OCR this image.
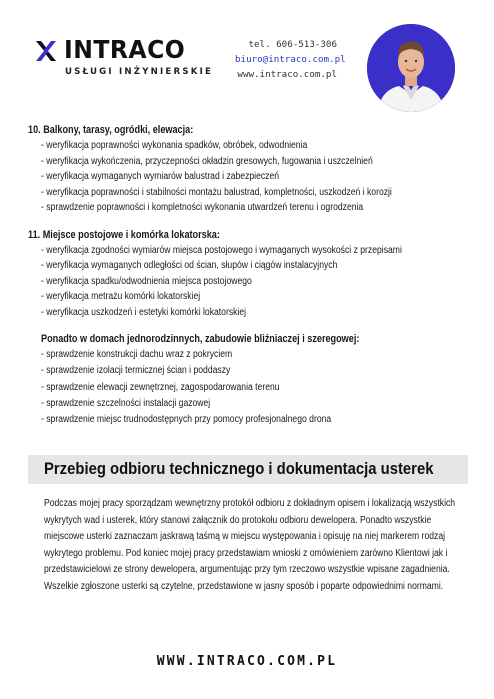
INTRACO
USŁUGI INŻYNIERSKIE
tel. 606-513-306
biuro@intraco.com.pl
www.intraco.com.pl
10. Balkony, tarasy, ogródki, elewacja:
- weryfikacja poprawności wykonania spadków, obróbek, odwodnienia
- weryfikacja wykończenia, przyczepności okładzin gresowych, fugowania i uszczelnień
- weryfikacja wymaganych wymiarów balustrad i zabezpieczeń
- weryfikacja poprawności i stabilności montażu balustrad, kompletności, uszkodzeń i korozji
- sprawdzenie poprawności i kompletności wykonania utwardzeń terenu i ogrodzenia
11. Miejsce postojowe i komórka lokatorska:
- weryfikacja zgodności wymiarów miejsca postojowego i wymaganych wysokości z przepisami
- weryfikacja wymaganych odległości od ścian, słupów i ciągów instalacyjnych
- weryfikacja spadku/odwodnienia miejsca postojowego
- weryfikacja metrażu komórki lokatorskiej
- weryfikacja uszkodzeń i estetyki komórki lokatorskiej
Ponadto w domach jednorodzinnych, zabudowie bliźniaczej i szeregowej:
- sprawdzenie konstrukcji dachu wraz z pokryciem
- sprawdzenie izolacji termicznej ścian i poddaszy
- sprawdzenie elewacji zewnętrznej, zagospodarowania terenu
- sprawdzenie szczelności instalacji gazowej
- sprawdzenie miejsc trudnodostępnych przy pomocy profesjonalnego drona
Przebieg odbioru technicznego i dokumentacja usterek
Podczas mojej pracy sporządzam wewnętrzny protokół odbioru z dokładnym opisem i lokalizacją wszystkich
wykrytych wad i usterek, który stanowi załącznik do protokołu odbioru dewelopera. Ponadto wszystkie
miejscowe usterki zaznaczam jaskrawą taśmą w miejscu występowania i opisuję na niej markerem rodzaj
wykrytego problemu. Pod koniec mojej pracy przedstawiam wnioski z omówieniem zarówno Klientowi jak i
przedstawicielowi ze strony dewelopera, argumentując przy tym rzeczowo wszystkie wpisane zagadnienia.
Wszelkie zgłoszone usterki są czytelne, przedstawione w jasny sposób i poparte odpowiednimi normami.
WWW.INTRACO.COM.PL
